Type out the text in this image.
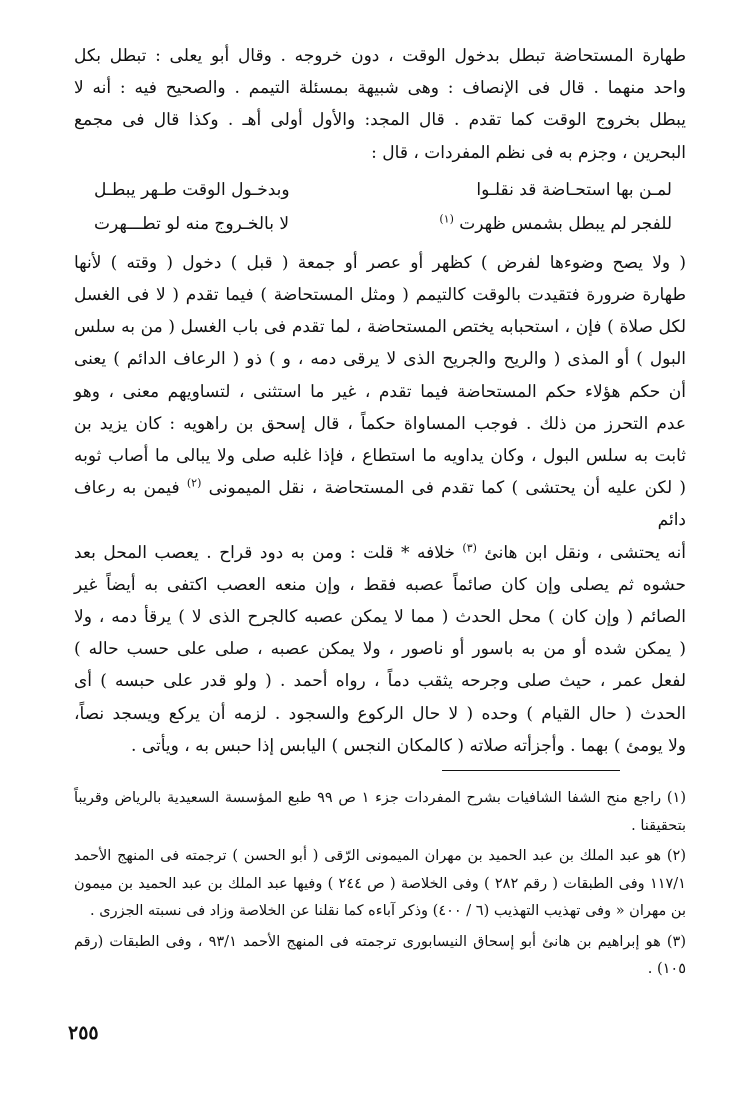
طهارة المستحاضة تبطل بدخول الوقت ، دون خروجه . وقال أبو يعلى : تبطل بكل

واحد منهما . قال فى الإنصاف : وهى شبيهة بمسئلة التيمم . والصحيح فيه : أنه لا

يبطل بخروج الوقت كما تقدم . قال المجد: والأول أولى أهـ . وكذا قال فى مجمع

البحرين ، وجزم به فى نظم المفردات ، قال :

لمـن بها استحـاضة قد نقلـوا
وبدخـول الوقت طـهر يبطـل
للفجر لم يبطل بشمس ظهرت $^{(١)}$
لا بالخـروج منه لو تطـــهرت

( ولا يصح وضوءها لفرض ) كظهر أو عصر أو جمعة ( قبل ) دخول ( وقته ) لأنها

طهارة ضرورة فتقيدت بالوقت كالتيمم ( ومثل المستحاضة ) فيما تقدم ( لا فى الغسل

لكل صلاة ) فإن ، استحبابه يختص المستحاضة ، لما تقدم فى باب الغسل ( من به سلس

البول ) أو المذى ( والريح والجريح الذى لا يرقى دمه ، و ) ذو ( الرعاف الدائم ) يعنى

أن حكم هؤلاء حكم المستحاضة فيما تقدم ، غير ما استثنى ، لتساويهم معنى ، وهو

عدم التحرز من ذلك . فوجب المساواة حكماً ، قال إسحق بن راهويه : كان يزيد بن

ثابت به سلس البول ، وكان يداويه ما استطاع ، فإذا غلبه صلى ولا يبالى ما أصاب ثوبه

( لكن عليه أن يحتشى ) كما تقدم فى المستحاضة ، نقل الميمونى $^{(٢)}$ فيمن به رعاف دائم

أنه يحتشى ، ونقل ابن هانئ $^{(٣)}$ خلافه * قلت : ومن به دود قراح . يعصب المحل بعد

حشوه ثم يصلى وإن كان صائماً عصبه فقط ، وإن منعه العصب اكتفى به أيضاً غير

الصائم ( وإن كان ) محل الحدث ( مما لا يمكن عصبه كالجرح الذى لا ) يرقأ دمه ، ولا

( يمكن شده أو من به باسور أو ناصور ، ولا يمكن عصبه ، صلى على حسب حاله )

لفعل عمر ، حيث صلى وجرحه يثقب دماً ، رواه أحمد . ( ولو قدر على حبسه ) أى

الحدث ( حال القيام ) وحده ( لا حال الركوع والسجود . لزمه أن يركع ويسجد نصاً،

ولا يومئ ) بهما . وأجزأته صلاته ( كالمكان النجس ) اليابس إذا حبس به ، ويأتى .

(١) راجع منح الشفا الشافيات بشرح المفردات جزء ١ ص ٩٩ طبع المؤسسة السعيدية بالرياض وقريباً بتحقيقنا .

(٢) هو عبد الملك بن عبد الحميد بن مهران الميمونى الرّقى ( أبو الحسن ) ترجمته فى المنهج الأحمد ١١٧/١ وفى الطبقات ( رقم ٢٨٢ ) وفى الخلاصة ( ص ٢٤٤ ) وفيها عبد الملك بن عبد الحميد بن ميمون بن مهران « وفى تهذيب التهذيب (٦ / ٤٠٠) وذكر آباءه كما نقلنا عن الخلاصة وزاد فى نسبته الجزرى .

(٣) هو إبراهيم بن هانئ أبو إسحاق النيسابورى ترجمته فى المنهج الأحمد ٩٣/١ ، وفى الطبقات (رقم ١٠٥) .

٢٥٥
